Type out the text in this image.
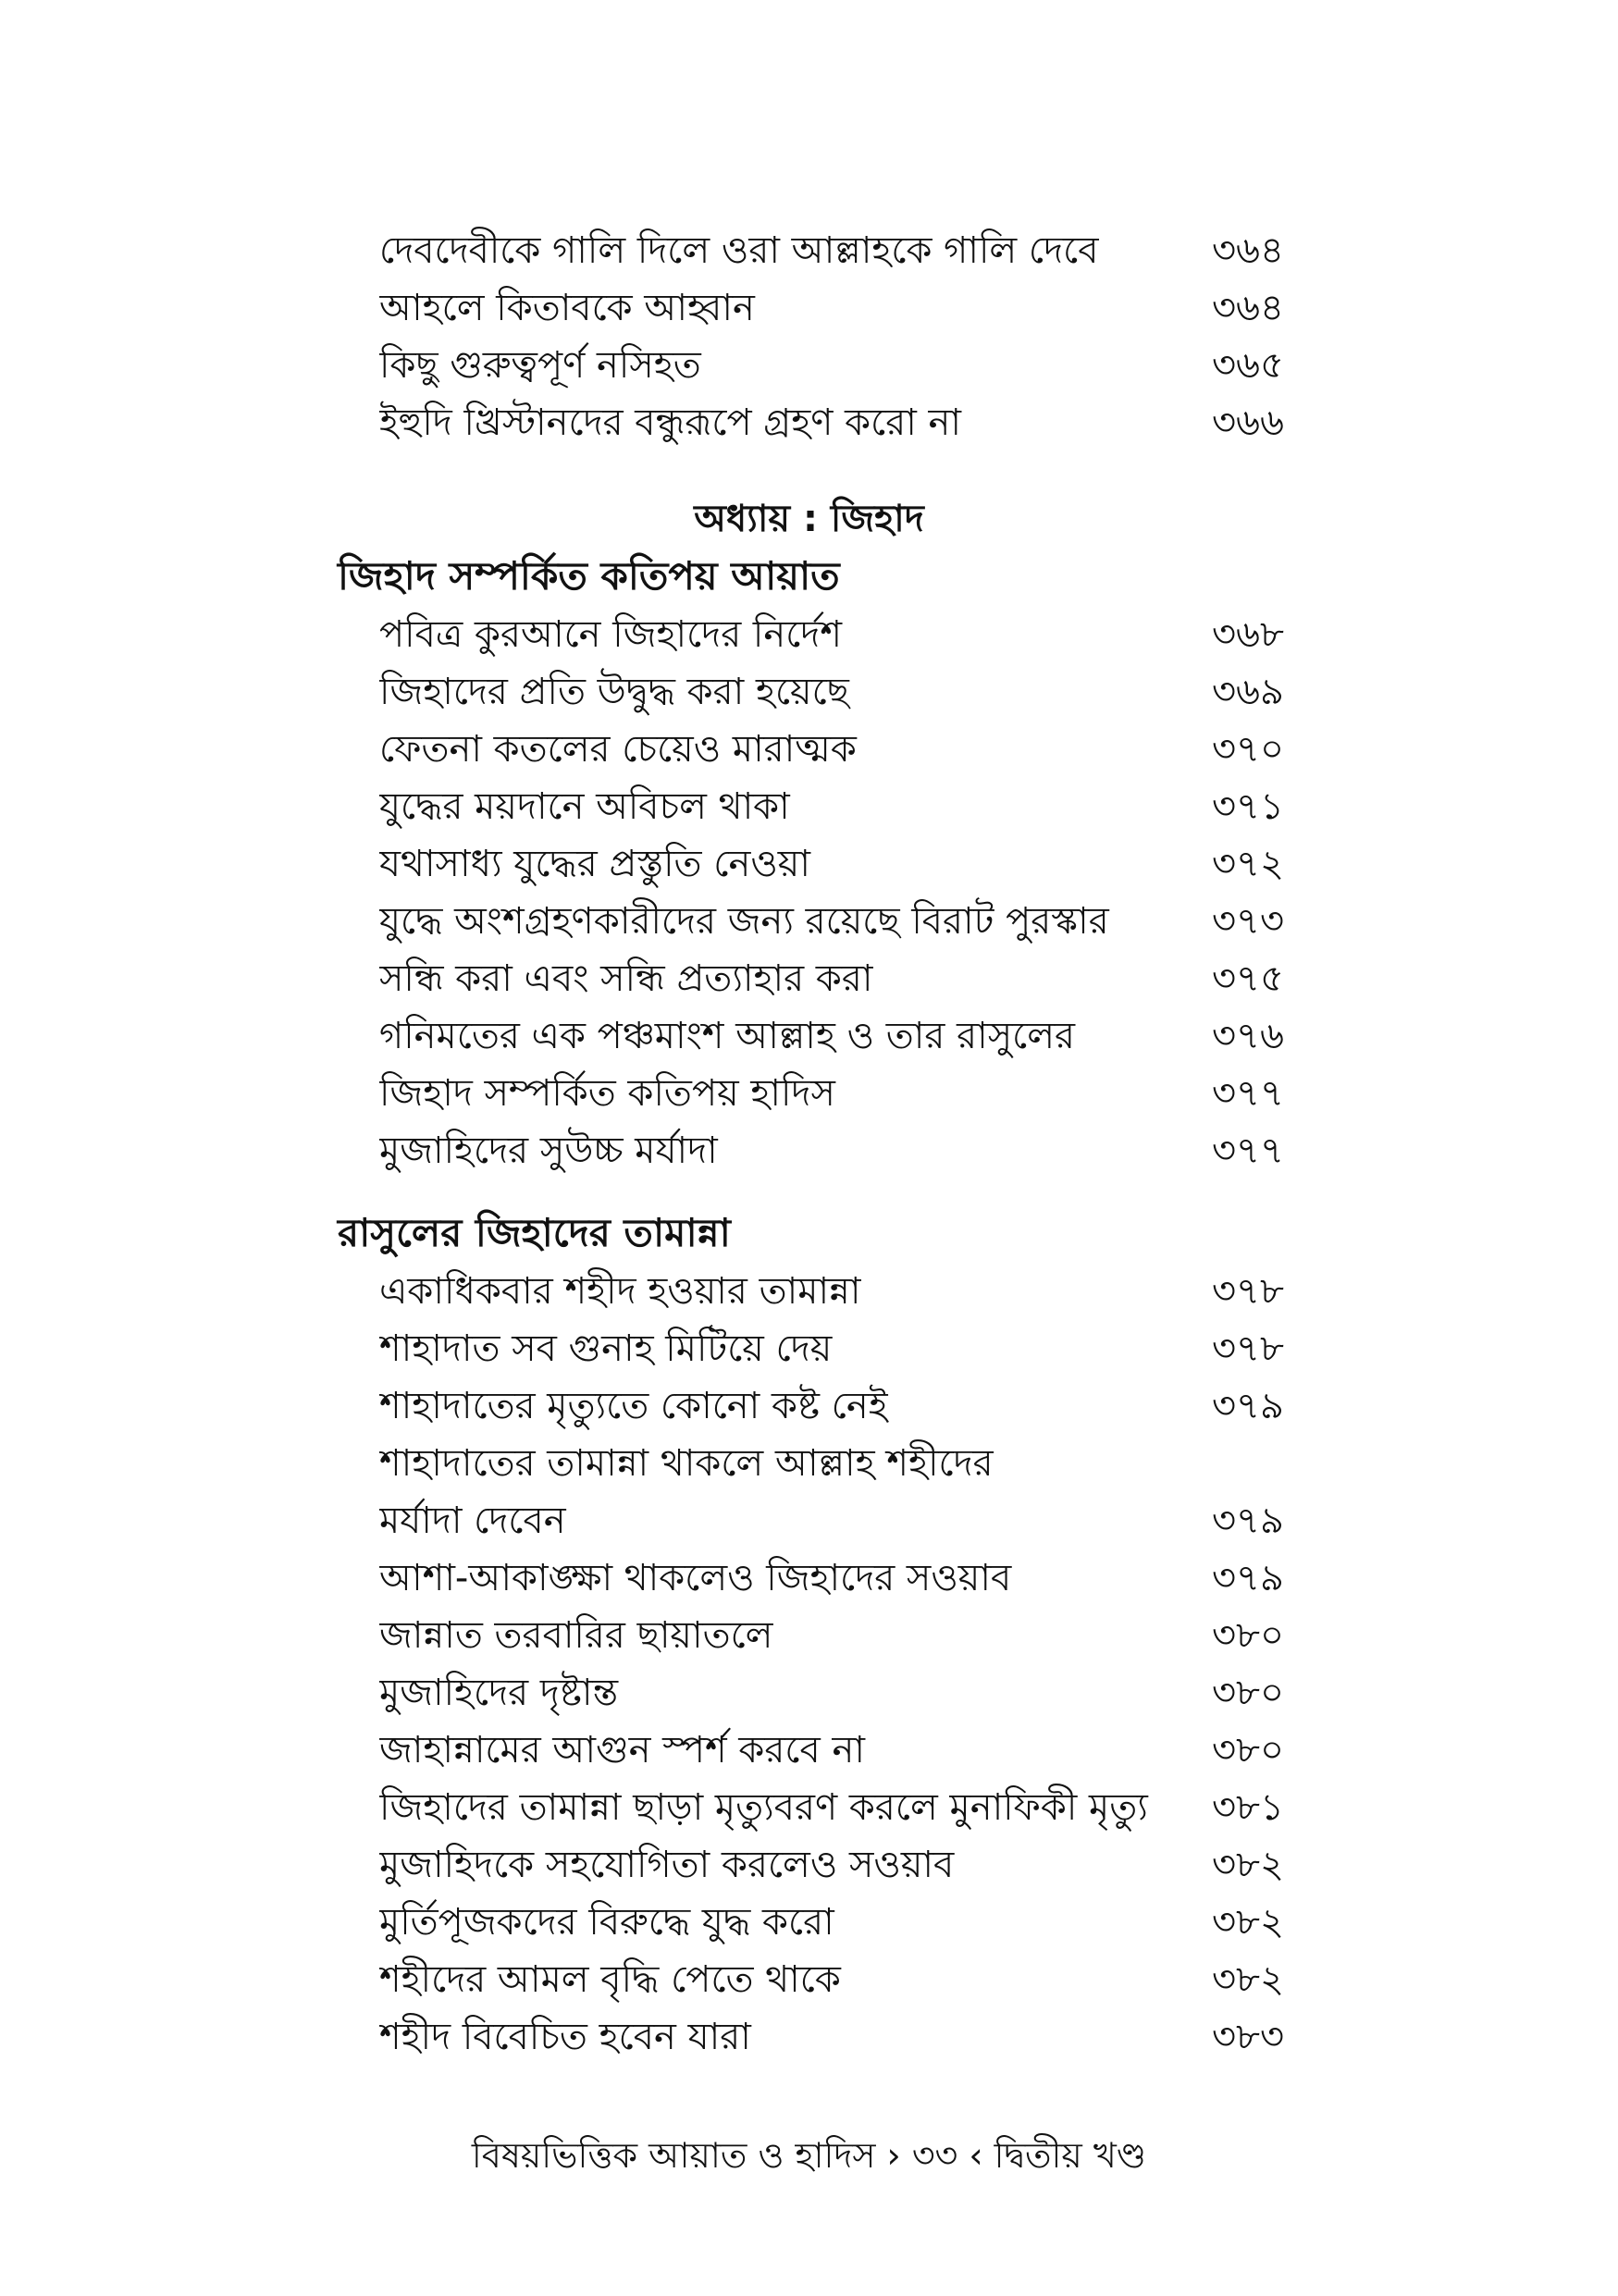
দেবদেবীকে গালি দিলে ওরা আল্লাহকে গালি দেবে	৩৬৪
আহলে কিতাবকে আহ্বান	৩৬৪
কিছু গুরুত্বপূর্ণ নসিহত	৩৬৫
ইহুদি খ্রিস্টানদের বন্ধুরূপে গ্রহণ করো না	৩৬৬
অধ্যায় : জিহাদ
জিহাদ সম্পর্কিত কতিপয় আয়াত
পবিত্র কুরআনে জিহাদের নির্দেশ	৩৬৮
জিহাদের প্রতি উদ্বুদ্ধ করা হয়েছে	৩৬৯
ফেতনা কতলের চেয়েও মারাত্মক	৩৭০
যুদ্ধের ময়দানে অবিচল থাকা	৩৭১
যথাসাধ্য যুদ্ধের প্রস্তুতি নেওয়া	৩৭২
যুদ্ধে অংশগ্রহণকারীদের জন্য রয়েছে বিরাট পুরস্কার	৩৭৩
সন্ধি করা এবং সন্ধি প্রত্যাহার করা	৩৭৫
গনিমতের এক পঞ্চমাংশ আল্লাহ ও তার রাসুলের	৩৭৬
জিহাদ সম্পর্কিত কতিপয় হাদিস	৩৭৭
মুজাহিদের সুউচ্চ মর্যাদা	৩৭৭
রাসুলের জিহাদের তামান্না
একাধিকবার শহীদ হওয়ার তামান্না	৩৭৮
শাহাদাত সব গুনাহ মিটিয়ে দেয়	৩৭৮
শাহাদাতের মৃত্যুতে কোনো কষ্ট নেই	৩৭৯
শাহাদাতের তামান্না থাকলে আল্লাহ শহীদের
মর্যাদা দেবেন	৩৭৯
আশা-আকাঙ্ক্ষা থাকলেও জিহাদের সওয়াব	৩৭৯
জান্নাত তরবারির ছায়াতলে	৩৮০
মুজাহিদের দৃষ্টান্ত	৩৮০
জাহান্নামের আগুন স্পর্শ করবে না	৩৮০
জিহাদের তামান্না ছাড়া মৃত্যুবরণ করলে মুনাফিকী মৃত্যু	৩৮১
মুজাহিদকে সহযোগিতা করলেও সওয়াব	৩৮২
মুর্তিপূজকদের বিরুদ্ধে যুদ্ধ করো	৩৮২
শহীদের আমল বৃদ্ধি পেতে থাকে	৩৮২
শহীদ বিবেচিত হবেন যারা	৩৮৩
বিষয়ভিত্তিক আয়াত ও হাদিস › ৩৩ ‹ দ্বিতীয় খণ্ড
